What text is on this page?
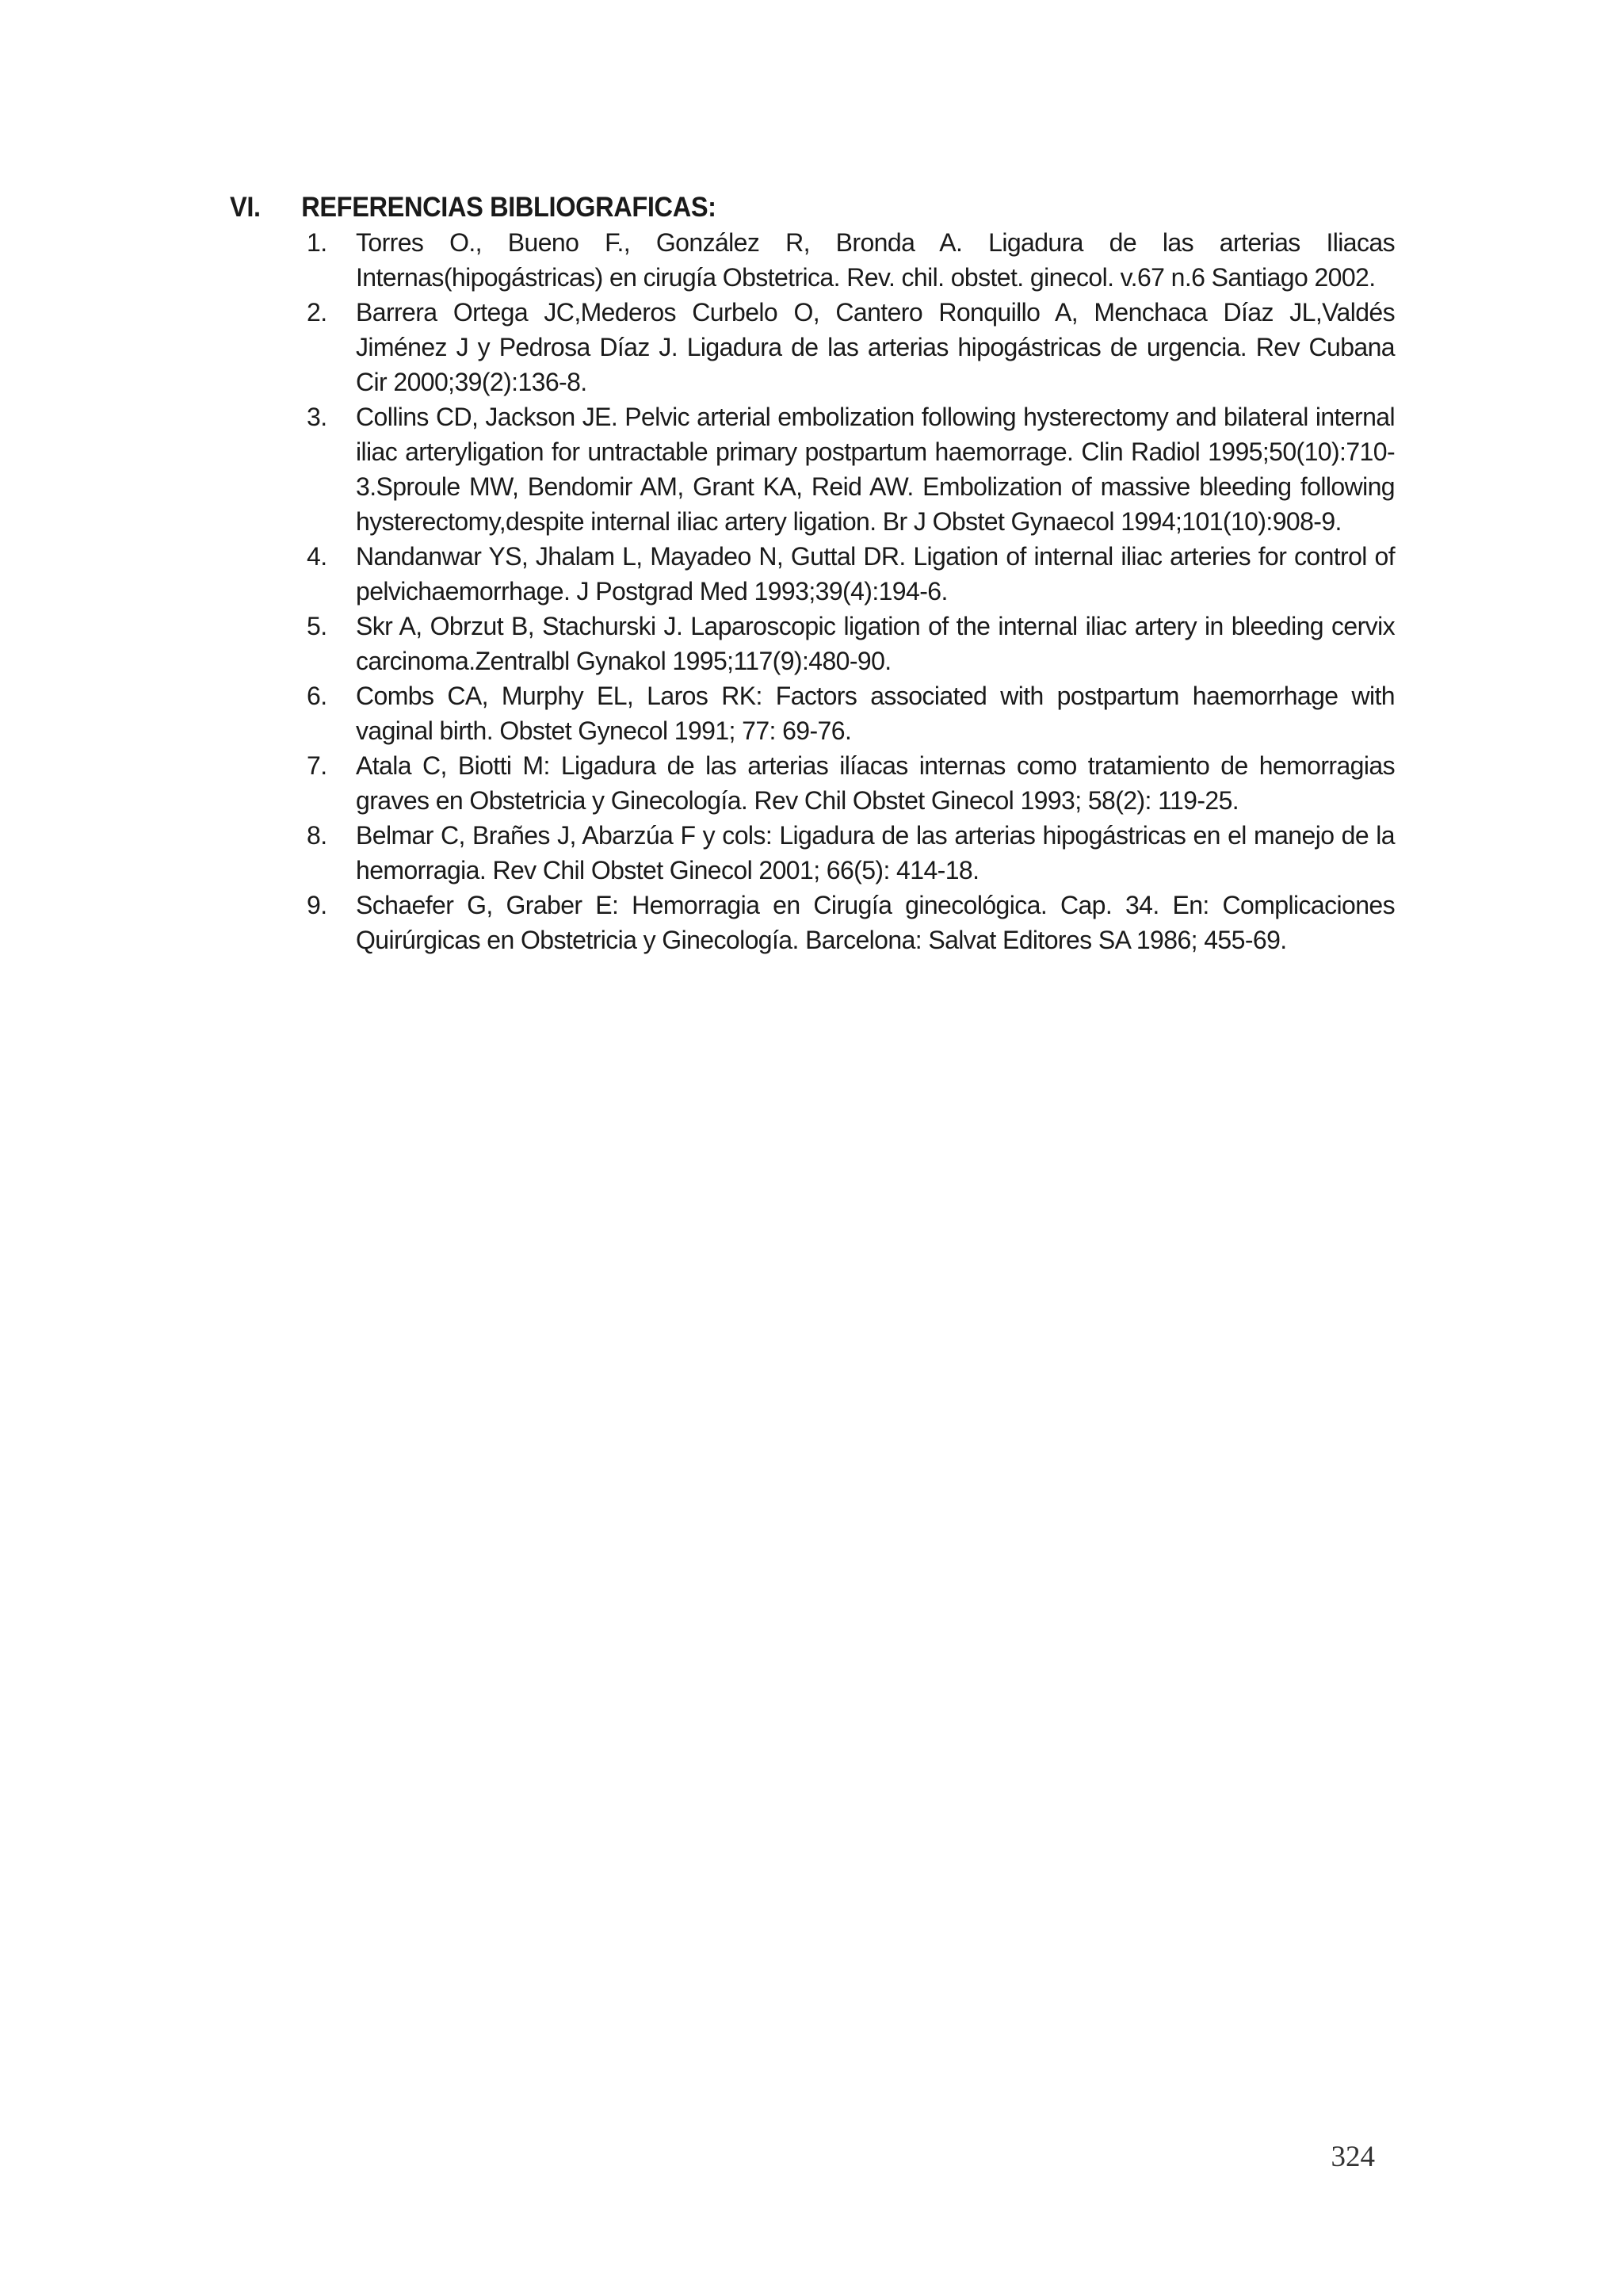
VI.	REFERENCIAS BIBLIOGRAFICAS:
1.	Torres O., Bueno F., González R, Bronda A. Ligadura de las arterias Iliacas Internas(hipogástricas) en cirugía Obstetrica. Rev. chil. obstet. ginecol. v.67 n.6 Santiago 2002.
2.	Barrera Ortega JC,Mederos Curbelo O, Cantero Ronquillo A, Menchaca Díaz JL,Valdés Jiménez J y Pedrosa Díaz J. Ligadura de las arterias hipogástricas de urgencia. Rev Cubana Cir 2000;39(2):136-8.
3.	Collins CD, Jackson JE. Pelvic arterial embolization following hysterectomy and bilateral internal iliac arteryligation for untractable primary postpartum haemorrage. Clin Radiol 1995;50(10):710-3.Sproule MW, Bendomir AM, Grant KA, Reid AW. Embolization of massive bleeding following hysterectomy,despite internal iliac artery ligation. Br J Obstet Gynaecol 1994;101(10):908-9.
4.	Nandanwar YS, Jhalam L, Mayadeo N, Guttal DR. Ligation of internal iliac arteries for control of pelvichaemorrhage. J Postgrad Med 1993;39(4):194-6.
5.	Skr A, Obrzut B, Stachurski J. Laparoscopic ligation of the internal iliac artery in bleeding cervix carcinoma.Zentralbl Gynakol 1995;117(9):480-90.
6.	Combs CA, Murphy EL, Laros RK: Factors associated with postpartum haemorrhage with vaginal birth. Obstet Gynecol 1991; 77: 69-76.
7.	Atala C, Biotti M: Ligadura de las arterias ilíacas internas como tratamiento de hemorragias graves en Obstetricia y Ginecología. Rev Chil Obstet Ginecol 1993; 58(2): 119-25.
8.	Belmar C, Brañes J, Abarzúa F y cols: Ligadura de las arterias hipogástricas en el manejo de la hemorragia. Rev Chil Obstet Ginecol 2001; 66(5): 414-18.
9.	Schaefer G, Graber E: Hemorragia en Cirugía ginecológica. Cap. 34. En: Complicaciones Quirúrgicas en Obstetricia y Ginecología. Barcelona: Salvat Editores SA 1986; 455-69.
324
